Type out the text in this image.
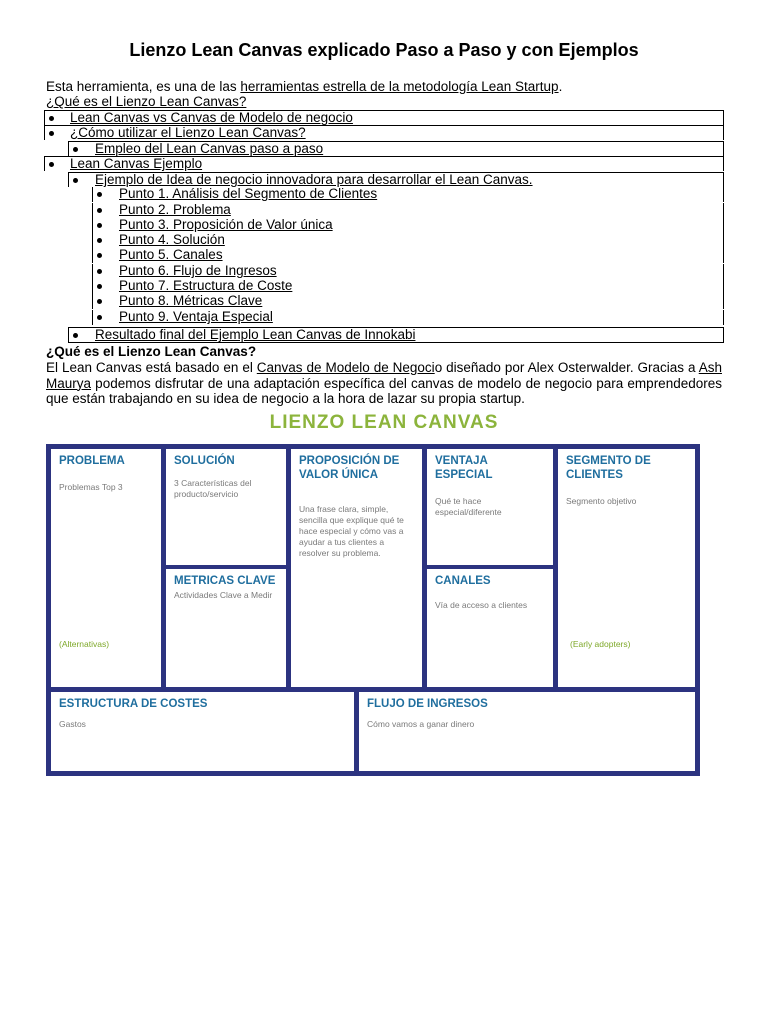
Lienzo Lean Canvas explicado Paso a Paso y con Ejemplos
Esta herramienta, es una de las herramientas estrella de la metodología Lean Startup.
¿Qué es el Lienzo Lean Canvas?
Lean Canvas vs Canvas de Modelo de negocio
¿Cómo utilizar el Lienzo Lean Canvas?
Empleo del Lean Canvas paso a paso
Lean Canvas Ejemplo
Ejemplo de Idea de negocio innovadora para desarrollar el Lean Canvas.
Punto 1. Análisis del Segmento de Clientes
Punto 2. Problema
Punto 3. Proposición de Valor única
Punto 4. Solución
Punto 5. Canales
Punto 6. Flujo de Ingresos
Punto 7. Estructura de Coste
Punto 8. Métricas Clave
Punto 9. Ventaja Especial
Resultado final del Ejemplo Lean Canvas de Innokabi
¿Qué es el Lienzo Lean Canvas?
El Lean Canvas está basado en el Canvas de Modelo de Negocio diseñado por Alex Osterwalder. Gracias a Ash Maurya podemos disfrutar de una adaptación específica del canvas de modelo de negocio para emprendedores que están trabajando en su idea de negocio a la hora de lazar su propia startup.
LIENZO LEAN CANVAS
PROBLEMA
Problemas Top 3
(Alternativas)
SOLUCIÓN
3 Características del producto/servicio
METRICAS CLAVE
Actividades Clave a Medir
PROPOSICIÓN DE VALOR ÚNICA
Una frase clara, simple, sencilla que explique qué te hace especial y cómo vas a ayudar a tus clientes a resolver su problema.
VENTAJA ESPECIAL
Qué te hace especial/diferente
CANALES
Vía de acceso a clientes
SEGMENTO DE CLIENTES
Segmento objetivo
(Early adopters)
ESTRUCTURA DE COSTES
Gastos
FLUJO DE INGRESOS
Cómo vamos a ganar dinero
